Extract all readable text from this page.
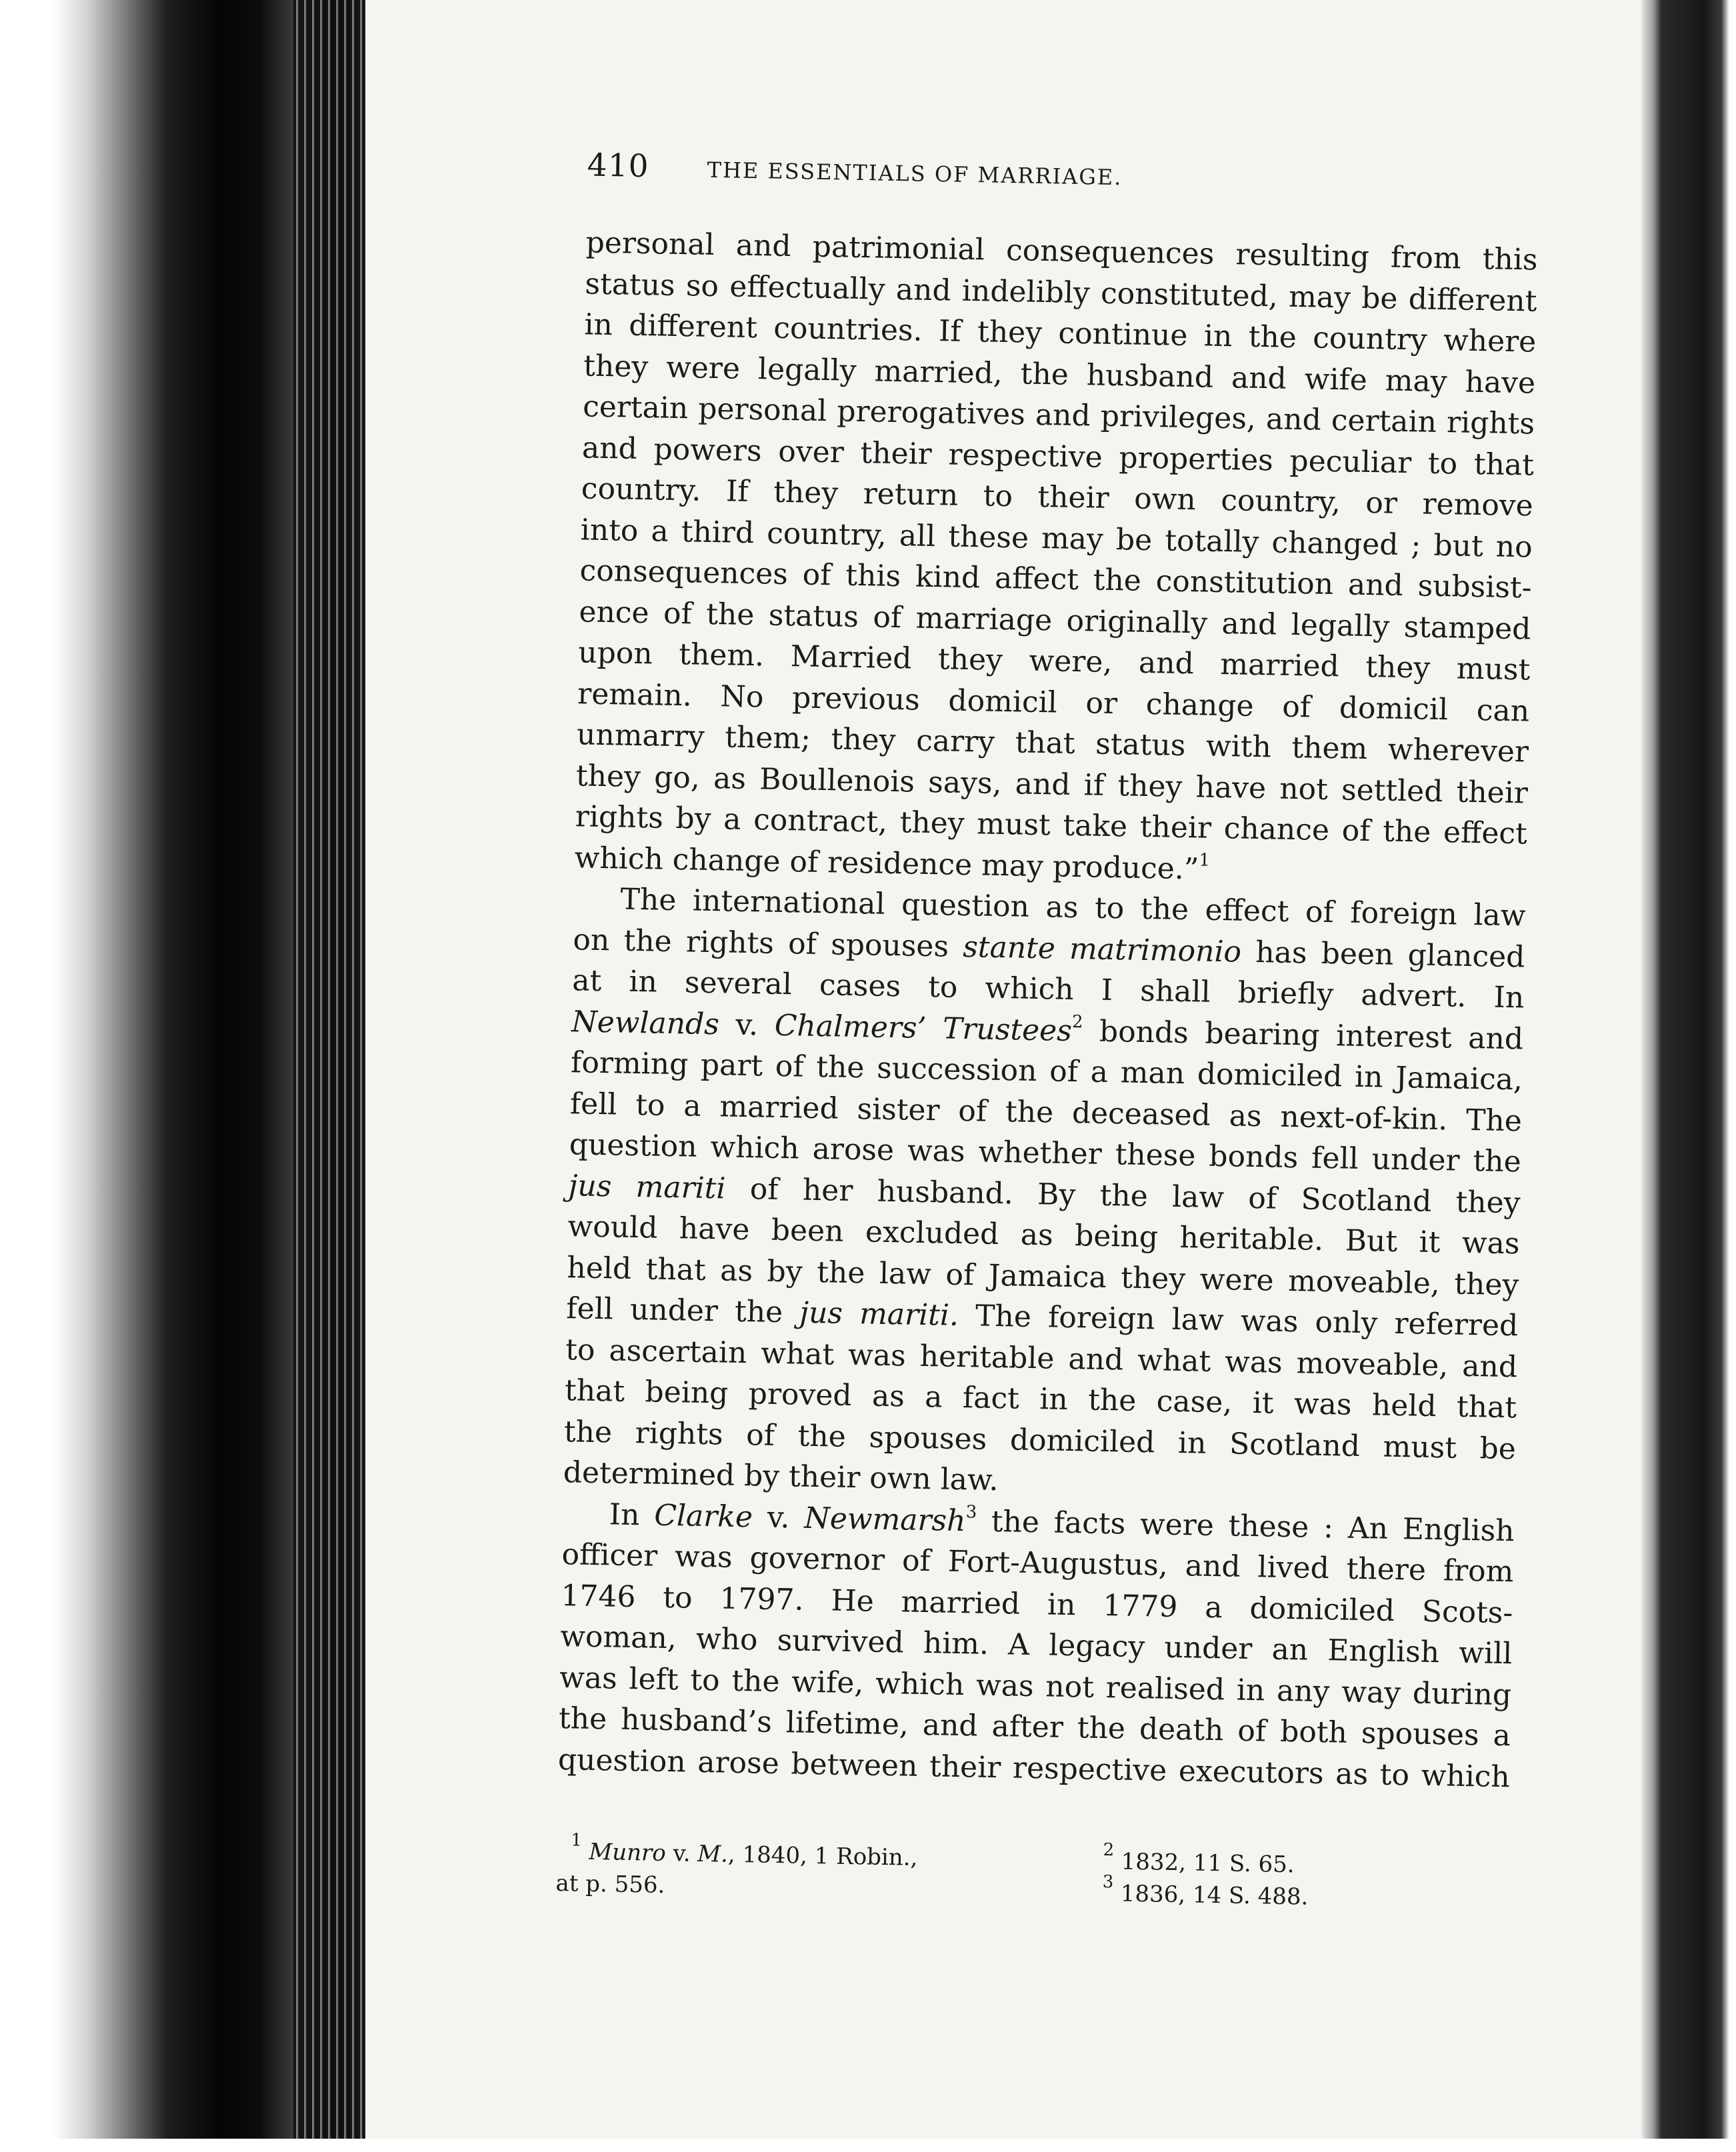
410	THE ESSENTIALS OF MARRIAGE.
personal and patrimonial consequences resulting from this
status so effectually and indelibly constituted, may be different
in different countries. If they continue in the country where
they were legally married, the husband and wife may have
certain personal prerogatives and privileges, and certain rights
and powers over their respective properties peculiar to that
country. If they return to their own country, or remove
into a third country, all these may be totally changed ; but no
consequences of this kind affect the constitution and subsist-
ence of the status of marriage originally and legally stamped
upon them. Married they were, and married they must
remain. No previous domicil or change of domicil can
unmarry them; they carry that status with them wherever
they go, as Boullenois says, and if they have not settled their
rights by a contract, they must take their chance of the effect
which change of residence may produce.”$^1$
The international question as to the effect of foreign law
on the rights of spouses stante matrimonio has been glanced
at in several cases to which I shall briefly advert. In
Newlands v. Chalmers’ Trustees$^2$ bonds bearing interest and
forming part of the succession of a man domiciled in Jamaica,
fell to a married sister of the deceased as next-of-kin. The
question which arose was whether these bonds fell under the
jus mariti of her husband. By the law of Scotland they
would have been excluded as being heritable. But it was
held that as by the law of Jamaica they were moveable, they
fell under the jus mariti. The foreign law was only referred
to ascertain what was heritable and what was moveable, and
that being proved as a fact in the case, it was held that
the rights of the spouses domiciled in Scotland must be
determined by their own law.
In Clarke v. Newmarsh$^3$ the facts were these : An English
officer was governor of Fort-Augustus, and lived there from
1746 to 1797. He married in 1779 a domiciled Scots-
woman, who survived him. A legacy under an English will
was left to the wife, which was not realised in any way during
the husband’s lifetime, and after the death of both spouses a
question arose between their respective executors as to which
$^1$ Munro v. M., 1840, 1 Robin.,
at p. 556.
$^2$ 1832, 11 S. 65.
$^3$ 1836, 14 S. 488.
